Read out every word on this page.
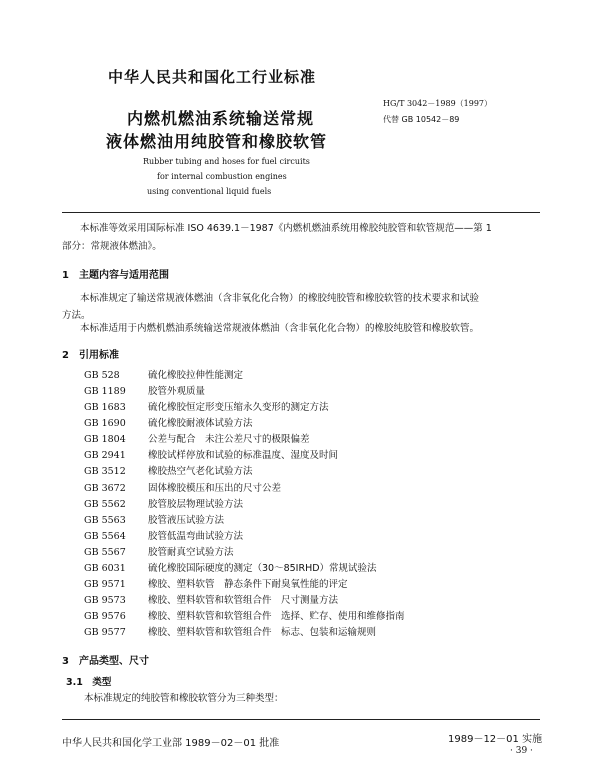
中华人民共和国化工行业标准
内燃机燃油系统输送常规
液体燃油用纯胶管和橡胶软管
Rubber tubing and hoses for fuel circuits
for internal combustion engines
using conventional liquid fuels
HG/T 3042－1989（1997）
代替 GB 10542－89
本标准等效采用国际标准 ISO 4639.1－1987《内燃机燃油系统用橡胶纯胶管和软管规范——第 1
部分：常规液体燃油》。
1　主题内容与适用范围
本标准规定了输送常规液体燃油（含非氧化化合物）的橡胶纯胶管和橡胶软管的技术要求和试验
方法。
本标准适用于内燃机燃油系统输送常规液体燃油（含非氧化化合物）的橡胶纯胶管和橡胶软管。
2　引用标准
GB 528	硫化橡胶拉伸性能测定
GB 1189 胶管外观质量
GB 1683 硫化橡胶恒定形变压缩永久变形的测定方法
GB 1690 硫化橡胶耐液体试验方法
GB 1804 公差与配合　未注公差尺寸的极限偏差
GB 2941 橡胶试样停放和试验的标准温度、湿度及时间
GB 3512 橡胶热空气老化试验方法
GB 3672 固体橡胶模压和压出的尺寸公差
GB 5562 胶管胶层物理试验方法
GB 5563 胶管液压试验方法
GB 5564 胶管低温弯曲试验方法
GB 5567 胶管耐真空试验方法
GB 6031 硫化橡胶国际硬度的测定（30～85IRHD）常规试验法
GB 9571 橡胶、塑料软管　静态条件下耐臭氧性能的评定
GB 9573 橡胶、塑料软管和软管组合件　尺寸测量方法
GB 9576 橡胶、塑料软管和软管组合件　选择、贮存、使用和维修指南
GB 9577 橡胶、塑料软管和软管组合件　标志、包装和运输规则
3　产品类型、尺寸
3.1　类型
本标准规定的纯胶管和橡胶软管分为三种类型：
中华人民共和国化学工业部 1989－02－01 批准	1989－12－01 实施
· 39 ·
